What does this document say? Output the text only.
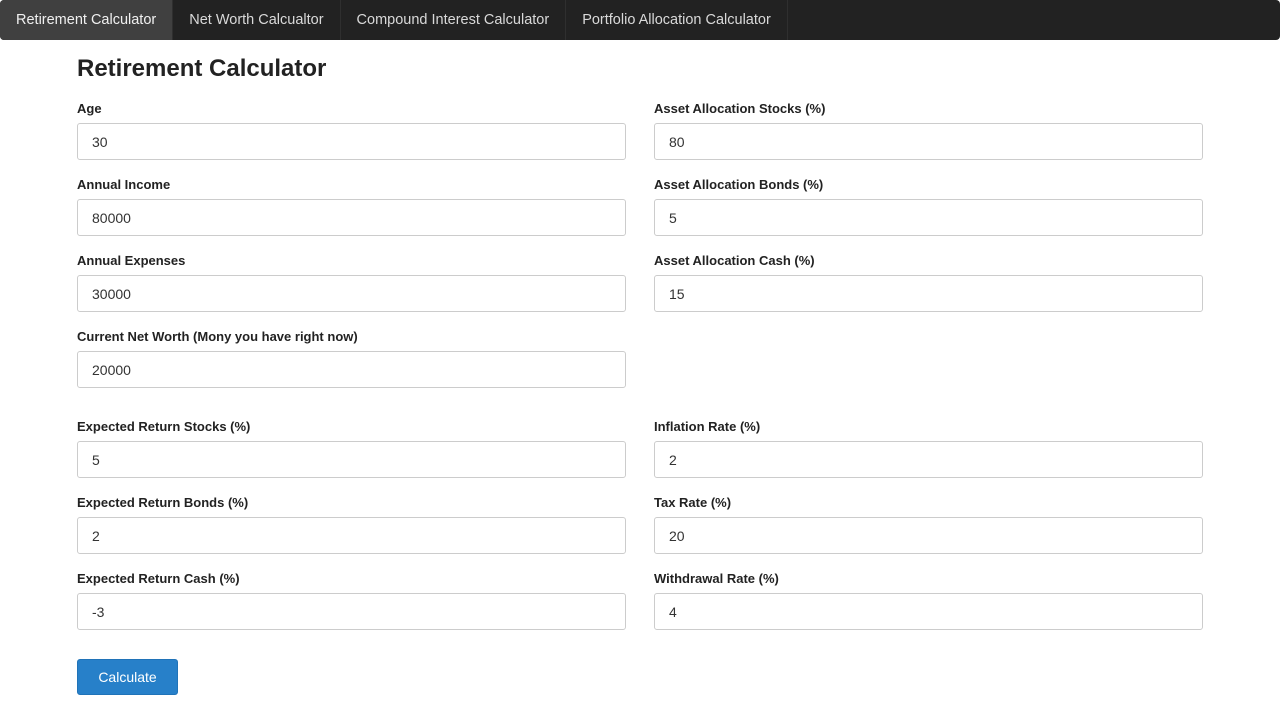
Retirement Calculator	Net Worth Calcualtor	Compound Interest Calculator	Portfolio Allocation Calculator
Retirement Calculator
Age
30
Annual Income
80000
Annual Expenses
30000
Current Net Worth (Mony you have right now)
20000
Asset Allocation Stocks (%)
80
Asset Allocation Bonds (%)
5
Asset Allocation Cash (%)
15
Expected Return Stocks (%)
5
Expected Return Bonds (%)
2
Expected Return Cash (%)
-3
Inflation Rate (%)
2
Tax Rate (%)
20
Withdrawal Rate (%)
4
Calculate
